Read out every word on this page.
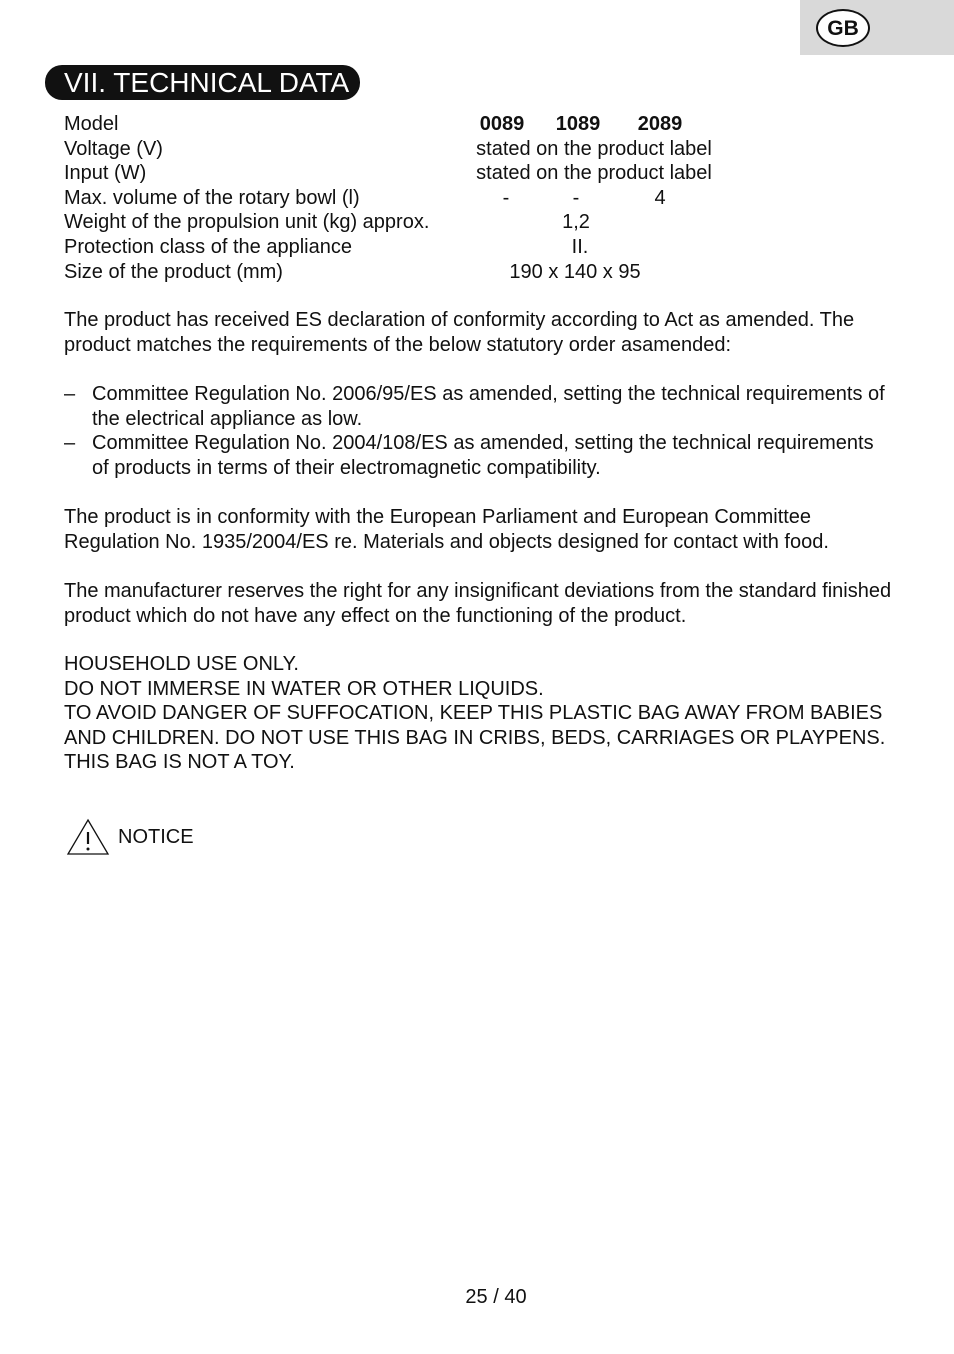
GB
VII. TECHNICAL DATA
Model	0089 1089 2089
Voltage (V)	stated on the product label
Input (W)	stated on the product label
Max. volume of the rotary bowl (l)	-	-	4
Weight of the propulsion unit (kg) approx.	1,2
Protection class of the appliance	II.
Size of the product (mm)	190 x 140 x 95

The product has received ES declaration of conformity according to Act as amended. The product matches the requirements of the below statutory order asamended:

– Committee Regulation No. 2006/95/ES as amended, setting the technical requirements of the electrical appliance as low.
– Committee Regulation No. 2004/108/ES as amended, setting the technical requirements of products in terms of their electromagnetic compatibility.

The product is in conformity with the European Parliament and European Committee Regulation No. 1935/2004/ES re. Materials and objects designed for contact with food.

The manufacturer reserves the right for any insignificant deviations from the standard finished product which do not have any effect on the functioning of the product.

HOUSEHOLD USE ONLY.

DO NOT IMMERSE IN WATER OR OTHER LIQUIDS.

TO AVOID DANGER OF SUFFOCATION, KEEP THIS PLASTIC BAG AWAY FROM BABIES AND CHILDREN. DO NOT USE THIS BAG IN CRIBS, BEDS, CARRIAGES OR PLAYPENS. THIS BAG IS NOT A TOY.

NOTICE
25 / 40
